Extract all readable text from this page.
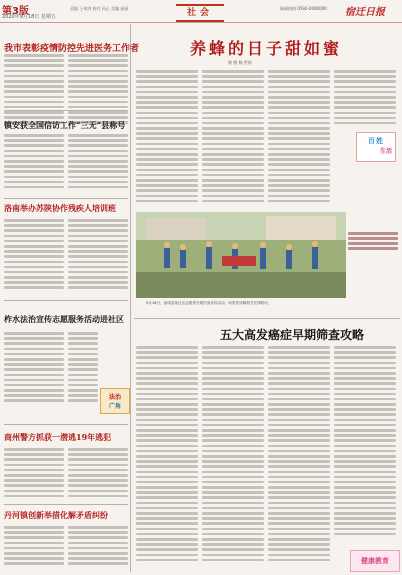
第3版
2020年9月18日 星期五
责编 王伟涛 校对 孙正 美编 丽丽	社会	新闻热线 0592-0000000 宿迁日报
我市表彰疫情防控先进医务工作者
镇安获全国信访工作“三无”县称号
洛南举办苏陕协作残疾人培训班
柞水法治宣传志愿服务活动进社区
法治
广角
商州警方抓获一潜逃19年逃犯
丹河镇创新举措化解矛盾纠纷
养蜂的日子甜如蜜
崔 朋 杨 世祥
百姓
生活
9月16日，洛南县某社区志愿者开展法治宣传活动，向居民讲解相关法律知识。
五大高发癌症早期筛查攻略
健康教育
